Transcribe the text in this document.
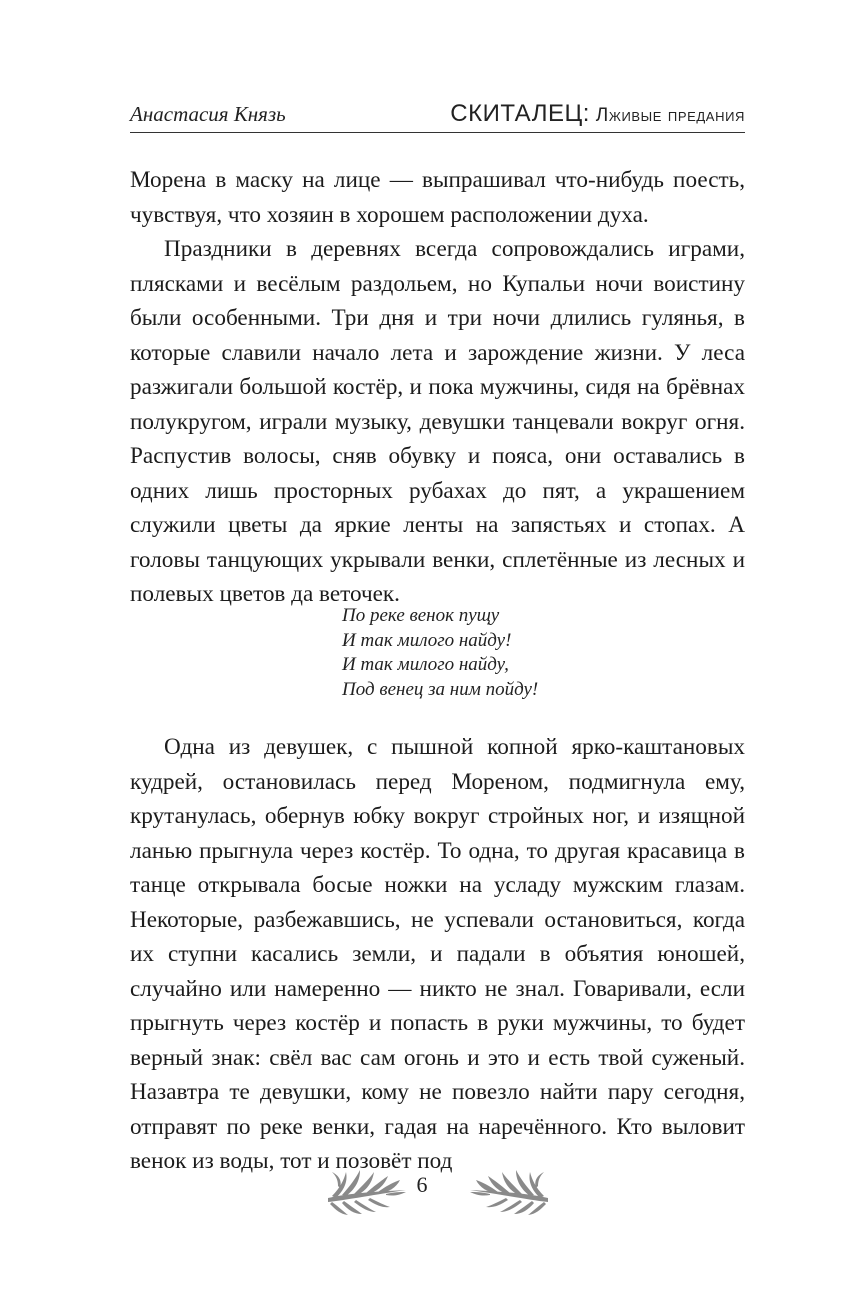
Анастасия Князь	СКИТАЛЕЦ: Лживые предания

Морена в маску на лице — выпрашивал что-нибудь поесть, чувствуя, что хозяин в хорошем расположении духа.

Праздники в деревнях всегда сопровождались играми, плясками и весёлым раздольем, но Купальи ночи воистину были особенными. Три дня и три ночи длились гулянья, в которые славили начало лета и зарождение жизни. У леса разжигали большой костёр, и пока мужчины, сидя на брёвнах полукругом, играли музыку, девушки танцевали вокруг огня. Распустив волосы, сняв обувку и пояса, они оставались в одних лишь просторных рубахах до пят, а украшением служили цветы да яркие ленты на запястьях и стопах. А головы танцующих укрывали венки, сплетённые из лесных и полевых цветов да веточек.

По реке венок пущу
И так милого найду!
И так милого найду,
Под венец за ним пойду!

Одна из девушек, с пышной копной ярко-каштановых кудрей, остановилась перед Мореном, подмигнула ему, крутанулась, обернув юбку вокруг стройных ног, и изящной ланью прыгнула через костёр. То одна, то другая красавица в танце открывала босые ножки на усладу мужским глазам. Некоторые, разбежавшись, не успевали остановиться, когда их ступни касались земли, и падали в объятия юношей, случайно или намеренно — никто не знал. Говаривали, если прыгнуть через костёр и попасть в руки мужчины, то будет верный знак: свёл вас сам огонь и это и есть твой суженый. Назавтра те девушки, кому не повезло найти пару сегодня, отправят по реке венки, гадая на наречённого. Кто выловит венок из воды, тот и позовёт под

6
